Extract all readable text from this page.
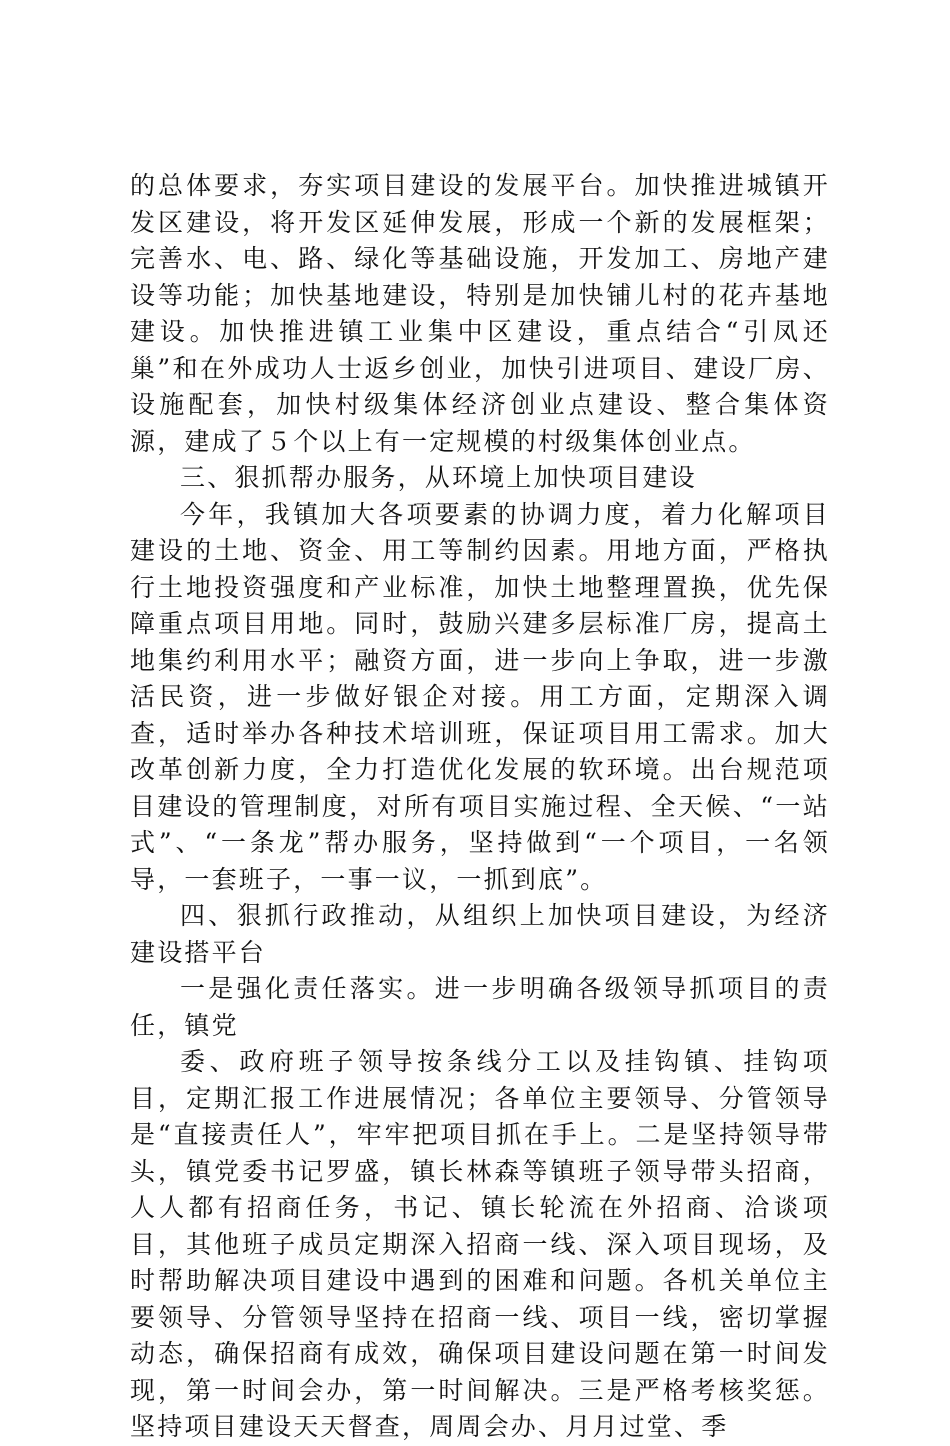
的总体要求，夯实项目建设的发展平台。加快推进城镇开发区建设，将开发区延伸发展，形成一个新的发展框架；完善水、电、路、绿化等基础设施，开发加工、房地产建设等功能；加快基地建设，特别是加快铺儿村的花卉基地建设。加快推进镇工业集中区建设，重点结合“引凤还巢”和在外成功人士返乡创业，加快引进项目、建设厂房、设施配套，加快村级集体经济创业点建设、整合集体资源，建成了５个以上有一定规模的村级集体创业点。

三、狠抓帮办服务，从环境上加快项目建设

今年，我镇加大各项要素的协调力度，着力化解项目建设的土地、资金、用工等制约因素。用地方面，严格执行土地投资强度和产业标准，加快土地整理置换，优先保障重点项目用地。同时，鼓励兴建多层标准厂房，提高土地集约利用水平；融资方面，进一步向上争取，进一步激活民资，进一步做好银企对接。用工方面，定期深入调查，适时举办各种技术培训班，保证项目用工需求。加大改革创新力度，全力打造优化发展的软环境。出台规范项目建设的管理制度，对所有项目实施过程、全天候、“一站式”、“一条龙”帮办服务，坚持做到“一个项目，一名领导，一套班子，一事一议，一抓到底”。

四、狠抓行政推动，从组织上加快项目建设，为经济建设搭平台

一是强化责任落实。进一步明确各级领导抓项目的责任，镇党

委、政府班子领导按条线分工以及挂钩镇、挂钩项目，定期汇报工作进展情况；各单位主要领导、分管领导是“直接责任人”，牢牢把项目抓在手上。二是坚持领导带头，镇党委书记罗盛，镇长林森等镇班子领导带头招商，人人都有招商任务，书记、镇长轮流在外招商、洽谈项目，其他班子成员定期深入招商一线、深入项目现场，及时帮助解决项目建设中遇到的困难和问题。各机关单位主要领导、分管领导坚持在招商一线、项目一线，密切掌握动态，确保招商有成效，确保项目建设问题在第一时间发现，第一时间会办，第一时间解决。三是严格考核奖惩。坚持项目建设天天督查，周周会办、月月过堂、季
